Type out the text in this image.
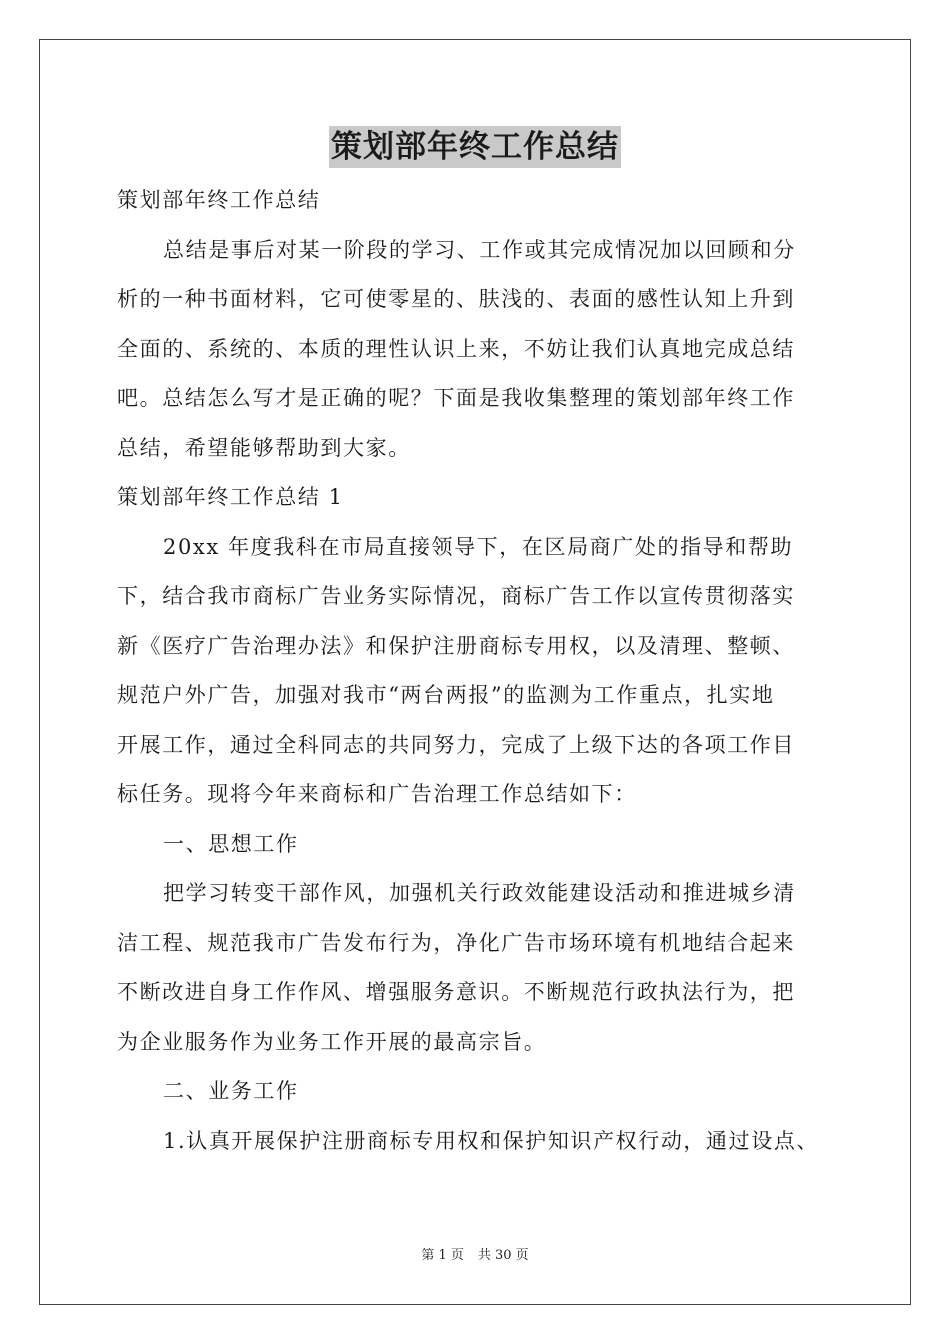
策划部年终工作总结
策划部年终工作总结
总结是事后对某一阶段的学习、工作或其完成情况加以回顾和分
析的一种书面材料，它可使零星的、肤浅的、表面的感性认知上升到
全面的、系统的、本质的理性认识上来，不妨让我们认真地完成总结
吧。总结怎么写才是正确的呢？下面是我收集整理的策划部年终工作
总结，希望能够帮助到大家。
策划部年终工作总结 1
20xx 年度我科在市局直接领导下，在区局商广处的指导和帮助
下，结合我市商标广告业务实际情况，商标广告工作以宣传贯彻落实
新《医疗广告治理办法》和保护注册商标专用权，以及清理、整顿、
规范户外广告，加强对我市“两台两报”的监测为工作重点，扎实地
开展工作，通过全科同志的共同努力，完成了上级下达的各项工作目
标任务。现将今年来商标和广告治理工作总结如下：
一、思想工作
把学习转变干部作风，加强机关行政效能建设活动和推进城乡清
洁工程、规范我市广告发布行为，净化广告市场环境有机地结合起来
不断改进自身工作作风、增强服务意识。不断规范行政执法行为，把
为企业服务作为业务工作开展的最高宗旨。
二、业务工作
1.认真开展保护注册商标专用权和保护知识产权行动，通过设点、
第 1 页 共 30 页
